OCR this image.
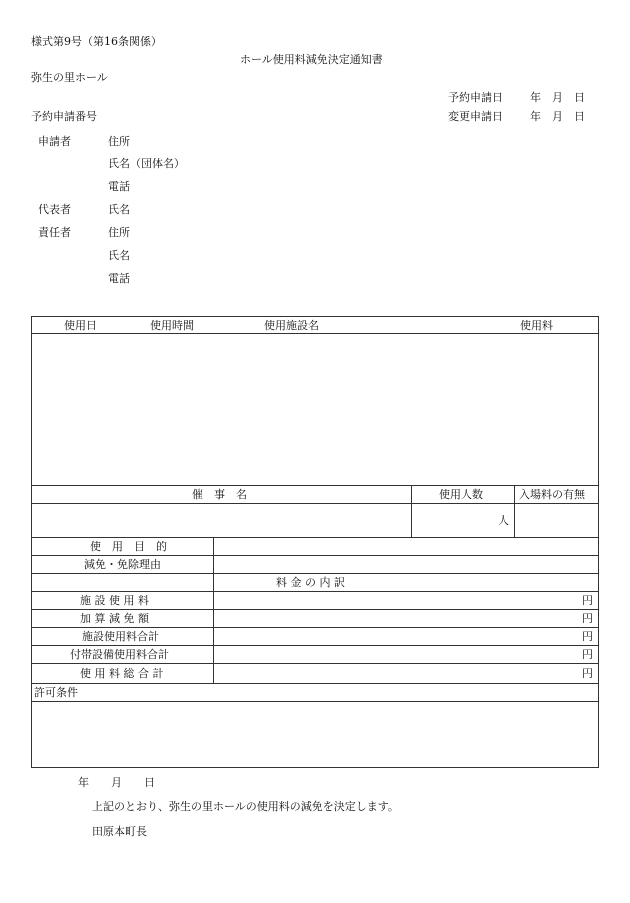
様式第9号（第16条関係）
ホール使用料減免決定通知書
弥生の里ホール
予約申請日 年　月　日
予約申請番号	変更申請日 年　月　日
申請者	住所
氏名（団体名）
電話
代表者	氏名
責任者	住所
氏名
電話
使用日	使用時間	使用施設名	使用料
催　事　名	使用人数	入場料の有無
人
使　用　目　的
減免・免除理由
料 金 の 内 訳
施 設 使 用 料	円
加 算 減 免 額	円
施設使用料合計	円
付帯設備使用料合計	円
使 用 料 総 合 計	円
許可条件
年　　月　　日
上記のとおり、弥生の里ホールの使用料の減免を決定します。
田原本町長
